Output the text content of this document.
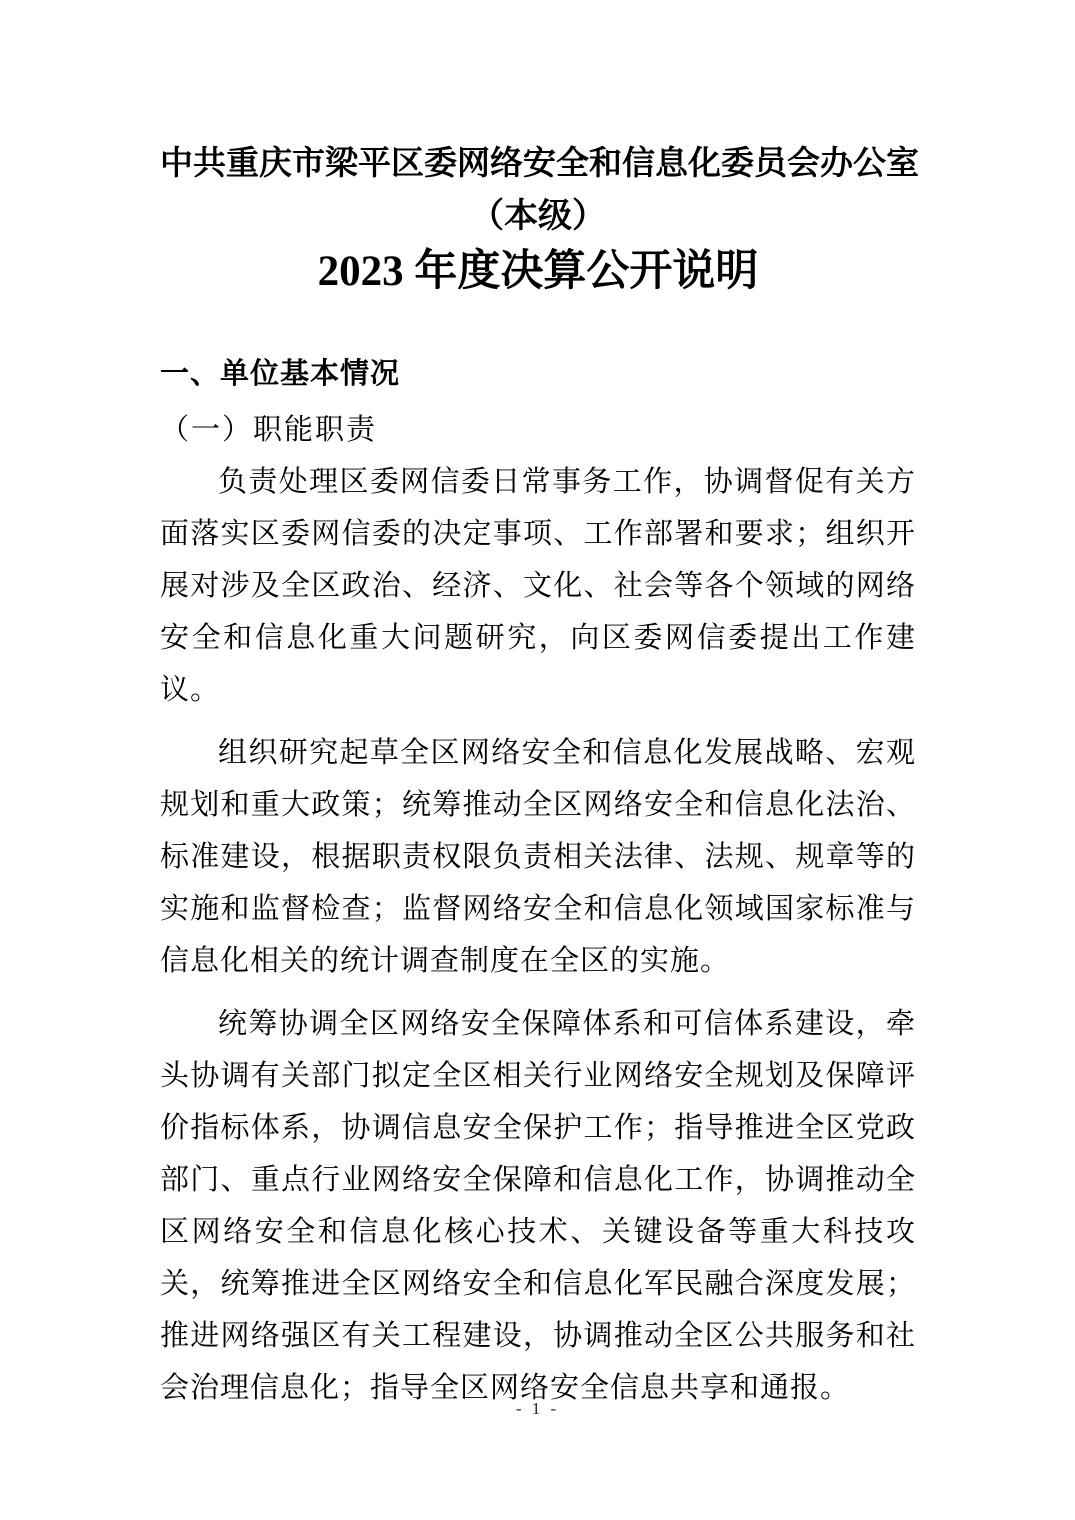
中共重庆市梁平区委网络安全和信息化委员会办公室
（本级）
2023 年度决算公开说明
一、单位基本情况
（一）职能职责

负责处理区委网信委日常事务工作，协调督促有关方面落实区委网信委的决定事项、工作部署和要求；组织开展对涉及全区政治、经济、文化、社会等各个领域的网络安全和信息化重大问题研究，向区委网信委提出工作建议。

组织研究起草全区网络安全和信息化发展战略、宏观规划和重大政策；统筹推动全区网络安全和信息化法治、标准建设，根据职责权限负责相关法律、法规、规章等的实施和监督检查；监督网络安全和信息化领域国家标准与信息化相关的统计调查制度在全区的实施。

统筹协调全区网络安全保障体系和可信体系建设，牵头协调有关部门拟定全区相关行业网络安全规划及保障评价指标体系，协调信息安全保护工作；指导推进全区党政部门、重点行业网络安全保障和信息化工作，协调推动全区网络安全和信息化核心技术、关键设备等重大科技攻关，统筹推进全区网络安全和信息化军民融合深度发展；推进网络强区有关工程建设，协调推动全区公共服务和社会治理信息化；指导全区网络安全信息共享和通报。

- 1 -
